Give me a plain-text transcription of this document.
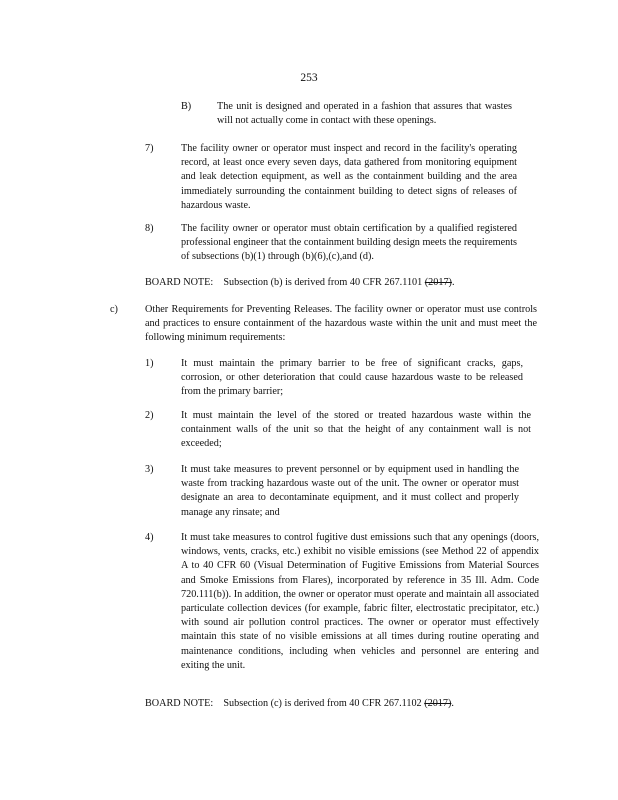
253
B)	The unit is designed and operated in a fashion that assures that wastes will not actually come in contact with these openings.
7)	The facility owner or operator must inspect and record in the facility's operating record, at least once every seven days, data gathered from monitoring equipment and leak detection equipment, as well as the containment building and the area immediately surrounding the containment building to detect signs of releases of hazardous waste.
8)	The facility owner or operator must obtain certification by a qualified registered professional engineer that the containment building design meets the requirements of subsections (b)(1) through (b)(6),(c),and (d).
BOARD NOTE: Subsection (b) is derived from 40 CFR 267.1101 (2017).
c)	Other Requirements for Preventing Releases. The facility owner or operator must use controls and practices to ensure containment of the hazardous waste within the unit and must meet the following minimum requirements:
1)	It must maintain the primary barrier to be free of significant cracks, gaps, corrosion, or other deterioration that could cause hazardous waste to be released from the primary barrier;
2)	It must maintain the level of the stored or treated hazardous waste within the containment walls of the unit so that the height of any containment wall is not exceeded;
3)	It must take measures to prevent personnel or by equipment used in handling the waste from tracking hazardous waste out of the unit. The owner or operator must designate an area to decontaminate equipment, and it must collect and properly manage any rinsate; and
4)	It must take measures to control fugitive dust emissions such that any openings (doors, windows, vents, cracks, etc.) exhibit no visible emissions (see Method 22 of appendix A to 40 CFR 60 (Visual Determination of Fugitive Emissions from Material Sources and Smoke Emissions from Flares), incorporated by reference in 35 Ill. Adm. Code 720.111(b)). In addition, the owner or operator must operate and maintain all associated particulate collection devices (for example, fabric filter, electrostatic precipitator, etc.) with sound air pollution control practices. The owner or operator must effectively maintain this state of no visible emissions at all times during routine operating and maintenance conditions, including when vehicles and personnel are entering and exiting the unit.
BOARD NOTE: Subsection (c) is derived from 40 CFR 267.1102 (2017).
